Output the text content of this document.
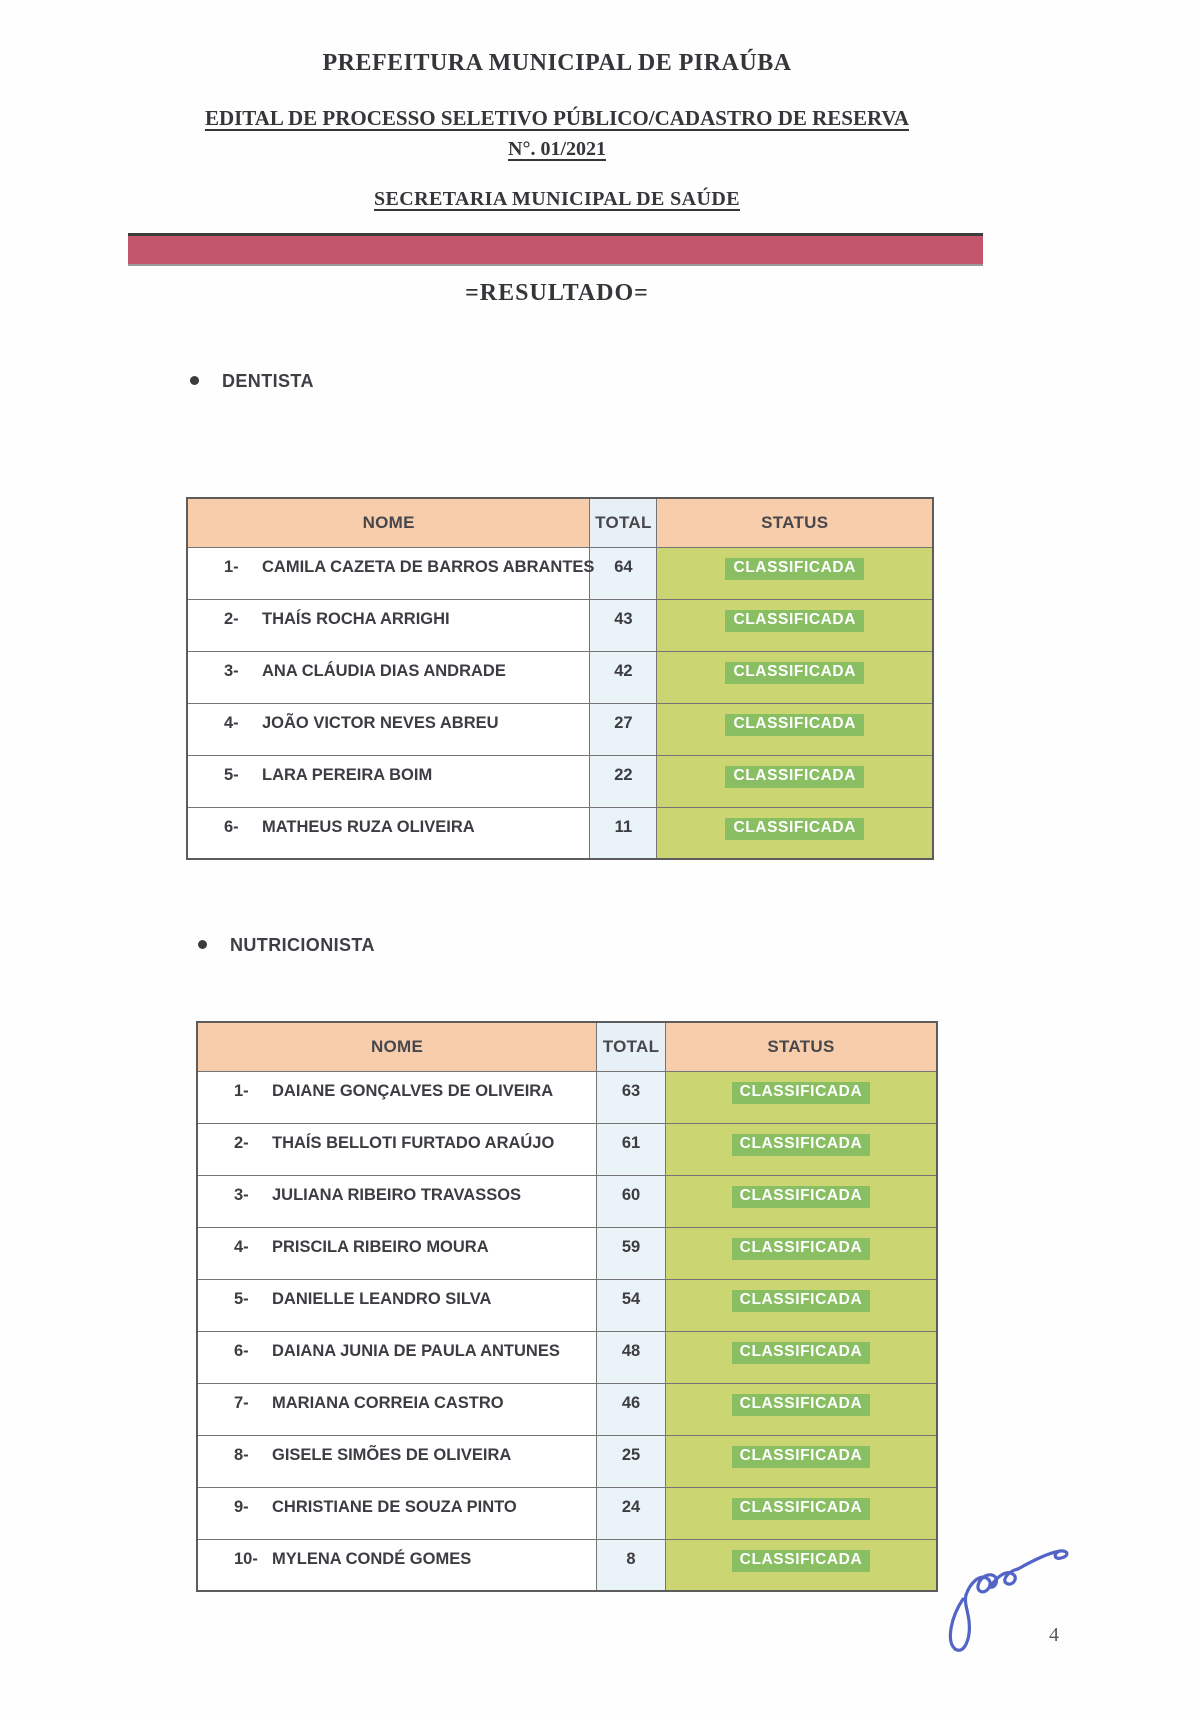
PREFEITURA MUNICIPAL DE PIRAÚBA
EDITAL DE PROCESSO SELETIVO PÚBLICO/CADASTRO DE RESERVA
N°. 01/2021
SECRETARIA MUNICIPAL DE SAÚDE
=RESULTADO=
DENTISTA
NOME	TOTAL	STATUS
1- CAMILA CAZETA DE BARROS ABRANTES	64	CLASSIFICADA
2- THAÍS ROCHA ARRIGHI	43	CLASSIFICADA
3- ANA CLÁUDIA DIAS ANDRADE	42	CLASSIFICADA
4- JOÃO VICTOR NEVES ABREU	27	CLASSIFICADA
5- LARA PEREIRA BOIM	22	CLASSIFICADA
6- MATHEUS RUZA OLIVEIRA	11	CLASSIFICADA
NUTRICIONISTA
NOME	TOTAL	STATUS
1- DAIANE GONÇALVES DE OLIVEIRA	63	CLASSIFICADA
2- THAÍS BELLOTI FURTADO ARAÚJO	61	CLASSIFICADA
3- JULIANA RIBEIRO TRAVASSOS	60	CLASSIFICADA
4- PRISCILA RIBEIRO MOURA	59	CLASSIFICADA
5- DANIELLE LEANDRO SILVA	54	CLASSIFICADA
6- DAIANA JUNIA DE PAULA ANTUNES	48	CLASSIFICADA
7- MARIANA CORREIA CASTRO	46	CLASSIFICADA
8- GISELE SIMÕES DE OLIVEIRA	25	CLASSIFICADA
9- CHRISTIANE DE SOUZA PINTO	24	CLASSIFICADA
10- MYLENA CONDÉ GOMES	8	CLASSIFICADA
4
